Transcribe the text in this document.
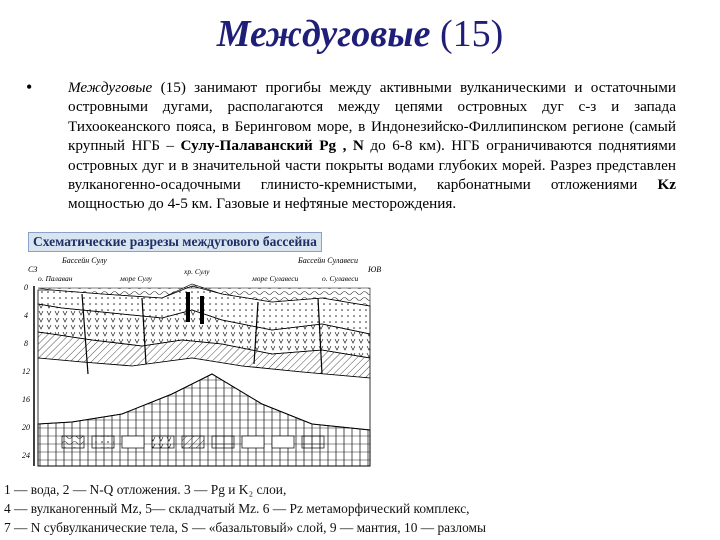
Междуговые (15)
• Междуговые (15) занимают прогибы между активными вулканическими и остаточными островными дугами, располагаются между цепями островных дуг с-з и запада Тихоокеанского пояса, в Беринговом море, в Индонезийско-Филлипинском регионе (самый крупный НГБ – Сулу-Палаванский Pg , N до 6-8 км). НГБ ограничиваются поднятиями островных дуг и в значительной части покрыты водами глубоких морей. Разрез представлен вулканогенно-осадочными глинисто-кремнистыми, карбонатными отложениями Kz мощностью до 4-5 км. Газовые и нефтяные месторождения.
Схематические разрезы междугового бассейна
Бассейн Сулу	Бассейн Сулавеси
СЗ	ЮВ
о. Палаван	море Сулу
хр. Сулу
море Сулавеси	о. Сулавеси
0
4
8
12
16
20
24
1 — вода, 2 — N-Q отложения. 3 — Pg и K₂ слои,
4 — вулканогенный Mz, 5— складчатый Mz. 6 — Pz метаморфический комплекс,
7 — N субвулканические тела, S — «базальтовый» слой, 9 — мантия, 10 — разломы
